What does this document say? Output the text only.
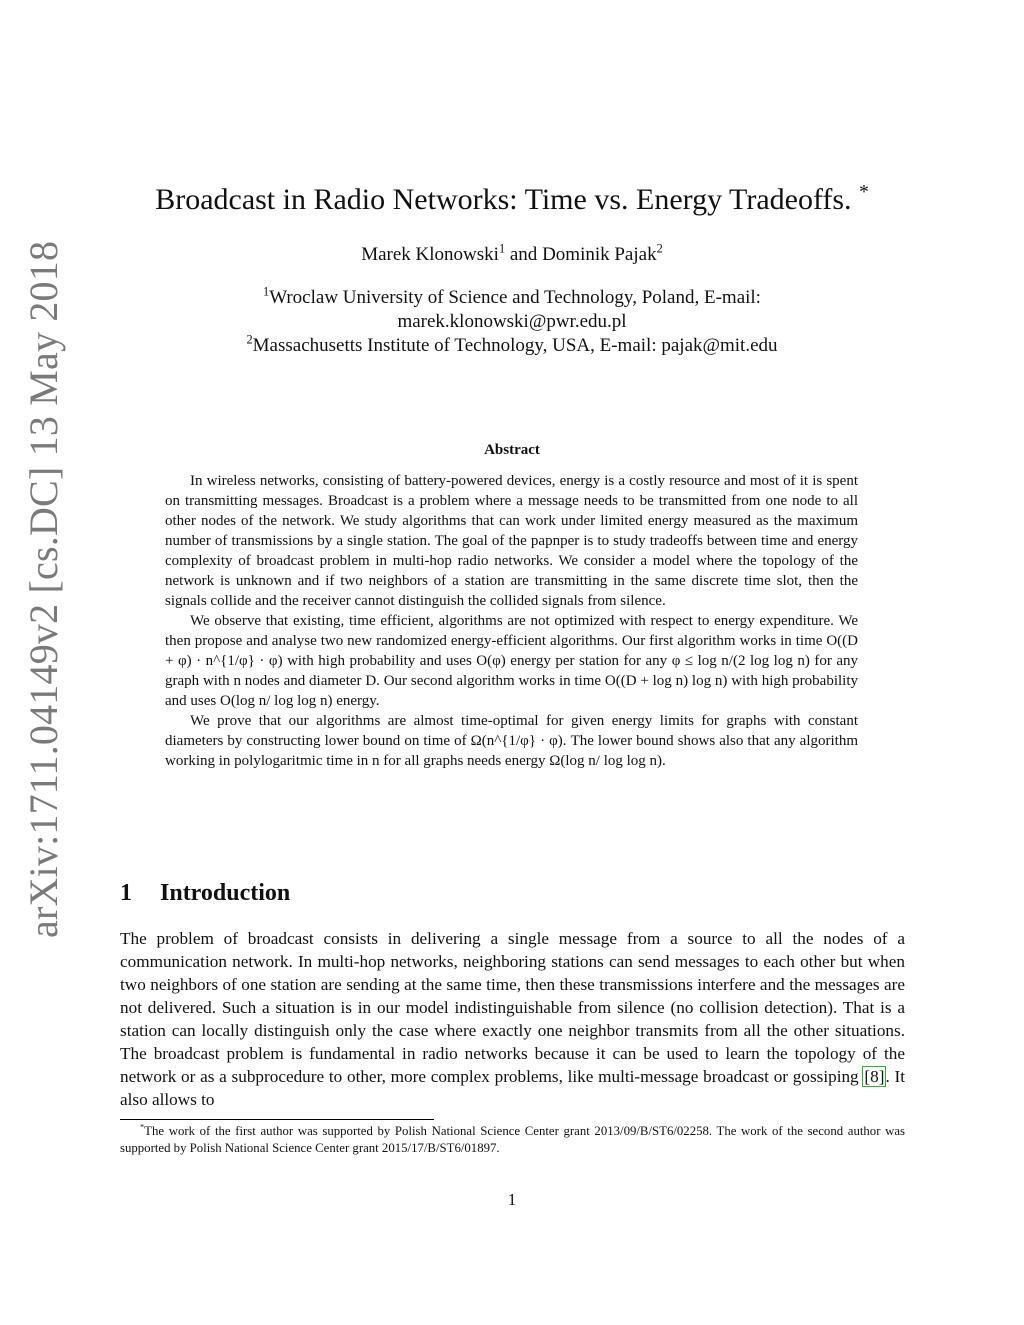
arXiv:1711.04149v2 [cs.DC] 13 May 2018
Broadcast in Radio Networks: Time vs. Energy Tradeoffs. *
Marek Klonowski$^1$ and Dominik Pajak$^2$
$^1$Wroclaw University of Science and Technology, Poland, E-mail:
marek.klonowski@pwr.edu.pl
$^2$Massachusetts Institute of Technology, USA, E-mail: pajak@mit.edu
Abstract

In wireless networks, consisting of battery-powered devices, energy is a costly resource and most of it is spent on transmitting messages. Broadcast is a problem where a message needs to be transmitted from one node to all other nodes of the network. We study algorithms that can work under limited energy measured as the maximum number of transmissions by a single station. The goal of the papnper is to study tradeoffs between time and energy complexity of broadcast problem in multi-hop radio networks. We consider a model where the topology of the network is unknown and if two neighbors of a station are transmitting in the same discrete time slot, then the signals collide and the receiver cannot distinguish the collided signals from silence.

We observe that existing, time efficient, algorithms are not optimized with respect to energy expenditure. We then propose and analyse two new randomized energy-efficient algorithms. Our first algorithm works in time O((D + φ) · n^{1/φ} · φ) with high probability and uses O(φ) energy per station for any φ ≤ log n/(2 log log n) for any graph with n nodes and diameter D. Our second algorithm works in time O((D + log n) log n) with high probability and uses O(log n/ log log n) energy.

We prove that our algorithms are almost time-optimal for given energy limits for graphs with constant diameters by constructing lower bound on time of Ω(n^{1/φ} · φ). The lower bound shows also that any algorithm working in polylogaritmic time in n for all graphs needs energy Ω(log n/ log log n).

1 Introduction

The problem of broadcast consists in delivering a single message from a source to all the nodes of a communication network. In multi-hop networks, neighboring stations can send messages to each other but when two neighbors of one station are sending at the same time, then these transmissions interfere and the messages are not delivered. Such a situation is in our model indistinguishable from silence (no collision detection). That is a station can locally distinguish only the case where exactly one neighbor transmits from all the other situations. The broadcast problem is fundamental in radio networks because it can be used to learn the topology of the network or as a subprocedure to other, more complex problems, like multi-message broadcast or gossiping [8]. It also allows to

*The work of the first author was supported by Polish National Science Center grant 2013/09/B/ST6/02258. The work of the second author was supported by Polish National Science Center grant 2015/17/B/ST6/01897.

1
